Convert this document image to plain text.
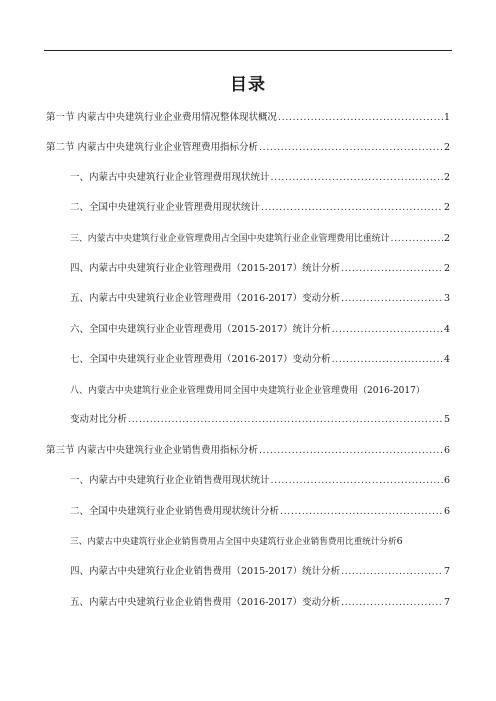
目录
第一节 内蒙古中央建筑行业企业费用情况整体现状概况 .....	1
第二节 内蒙古中央建筑行业企业管理费用指标分析 .....	2
一、内蒙古中央建筑行业企业管理费用现状统计 .....	2
二、全国中央建筑行业企业管理费用现状统计 .....	2
三、内蒙古中央建筑行业企业管理费用占全国中央建筑行业企业管理费用比重统计 .....	2
四、内蒙古中央建筑行业企业管理费用（2015-2017）统计分析 .....	2
五、内蒙古中央建筑行业企业管理费用（2016-2017）变动分析 .....	3
六、全国中央建筑行业企业管理费用（2015-2017）统计分析 .....	4
七、全国中央建筑行业企业管理费用（2016-2017）变动分析 .....	4
八、内蒙古中央建筑行业企业管理费用同全国中央建筑行业企业管理费用（2016-2017）
变动对比分析 .....	5
第三节 内蒙古中央建筑行业企业销售费用指标分析 .....	6
一、内蒙古中央建筑行业企业销售费用现状统计 .....	6
二、全国中央建筑行业企业销售费用现状统计分析 .....	6
三、内蒙古中央建筑行业企业销售费用占全国中央建筑行业企业销售费用比重统计分析 6
四、内蒙古中央建筑行业企业销售费用（2015-2017）统计分析 .....	7
五、内蒙古中央建筑行业企业销售费用（2016-2017）变动分析 .....	7
